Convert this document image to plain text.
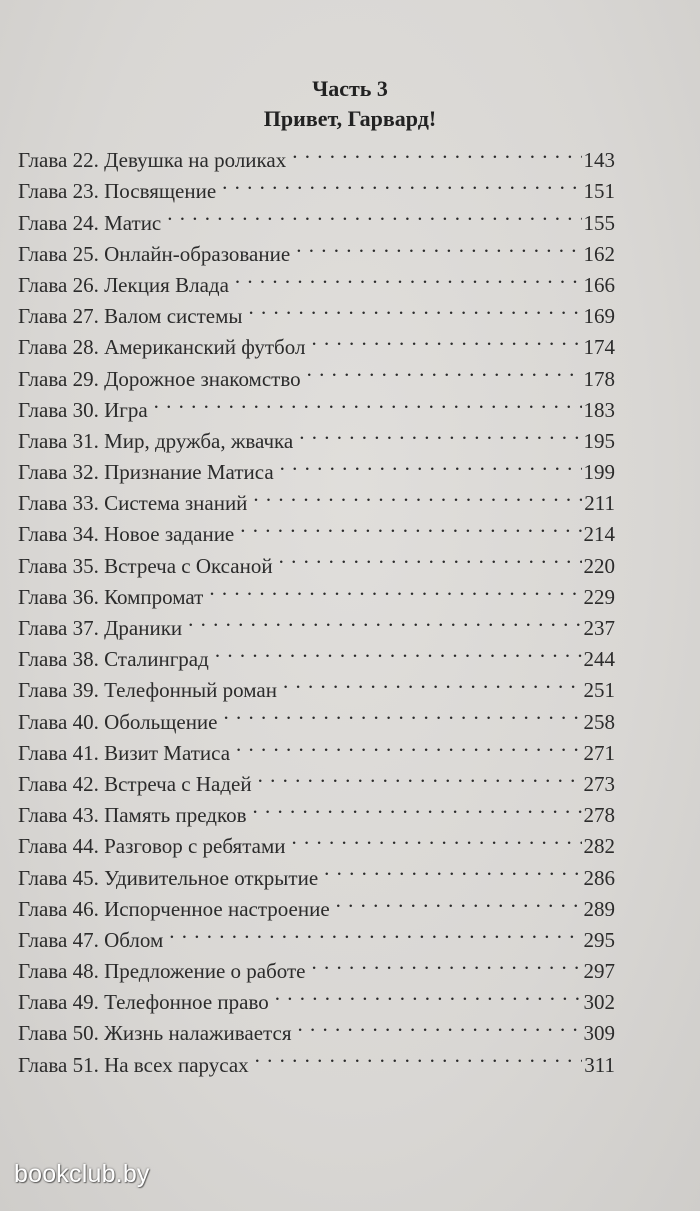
Часть 3
Привет, Гарвард!
Глава 22. Девушка на роликах . . .	143
Глава 23. Посвящение . . .	151
Глава 24. Матис . . .	155
Глава 25. Онлайн-образование . . .	162
Глава 26. Лекция Влада . . .	166
Глава 27. Валом системы . . .	169
Глава 28. Американский футбол . . .	174
Глава 29. Дорожное знакомство . . .	178
Глава 30. Игра . . .	183
Глава 31. Мир, дружба, жвачка . . .	195
Глава 32. Признание Матиса . . .	199
Глава 33. Система знаний . . .	211
Глава 34. Новое задание . . .	214
Глава 35. Встреча с Оксаной . . .	220
Глава 36. Компромат . . .	229
Глава 37. Драники . . .	237
Глава 38. Сталинград . . .	244
Глава 39. Телефонный роман . . .	251
Глава 40. Обольщение . . .	258
Глава 41. Визит Матиса . . .	271
Глава 42. Встреча с Надей . . .	273
Глава 43. Память предков . . .	278
Глава 44. Разговор с ребятами . . .	282
Глава 45. Удивительное открытие . . .	286
Глава 46. Испорченное настроение . . .	289
Глава 47. Облом . . .	295
Глава 48. Предложение о работе . . .	297
Глава 49. Телефонное право . . .	302
Глава 50. Жизнь налаживается . . .	309
Глава 51. На всех парусах . . .	311

bookclub.by
